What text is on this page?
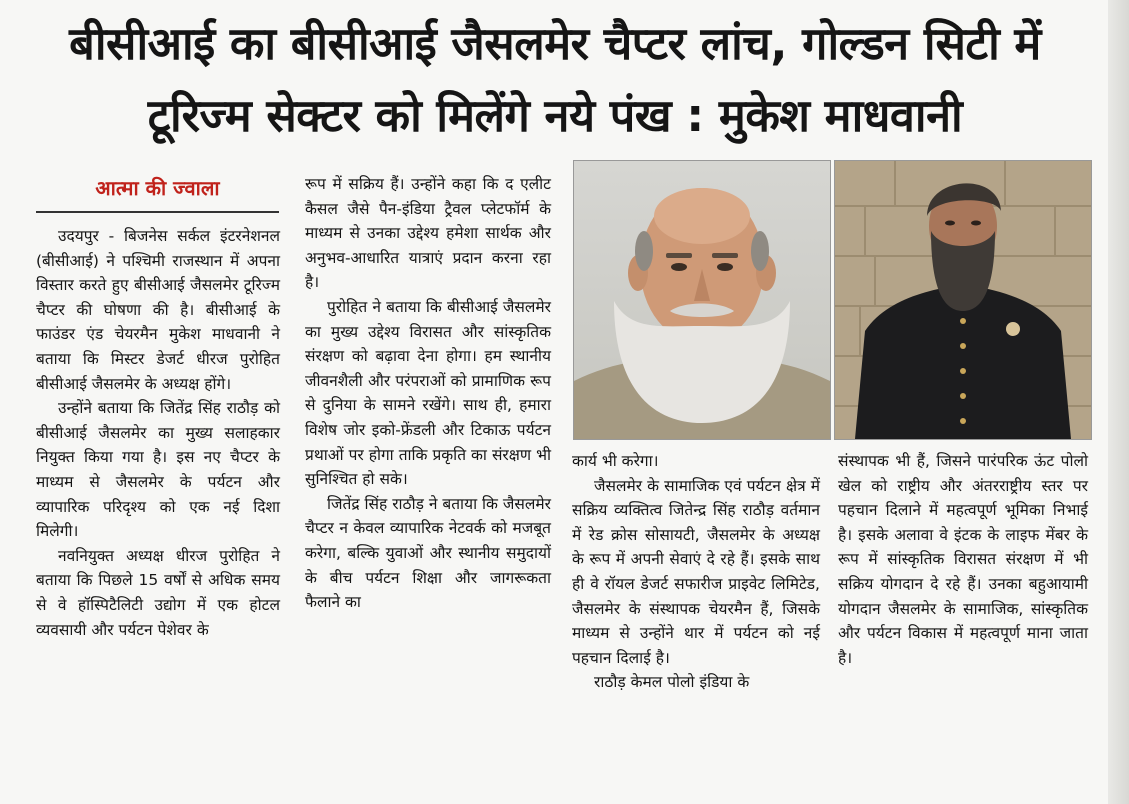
बीसीआई का बीसीआई जैसलमेर चैप्टर लांच, गोल्डन सिटी में
टूरिज्म सेक्टर को मिलेंगे नये पंख : मुकेश माधवानी
आत्मा की ज्वाला

उदयपुर - बिजनेस सर्कल इंटरनेशनल (बीसीआई) ने पश्चिमी राजस्थान में अपना विस्तार करते हुए बीसीआई जैसलमेर टूरिज्म चैप्टर की घोषणा की है। बीसीआई के फाउंडर एंड चेयरमैन मुकेश माधवानी ने बताया कि मिस्टर डेजर्ट धीरज पुरोहित बीसीआई जैसलमेर के अध्यक्ष होंगे।

उन्होंने बताया कि जितेंद्र सिंह राठौड़ को बीसीआई जैसलमेर का मुख्य सलाहकार नियुक्त किया गया है। इस नए चैप्टर के माध्यम से जैसलमेर के पर्यटन और व्यापारिक परिदृश्य को एक नई दिशा मिलेगी।

नवनियुक्त अध्यक्ष धीरज पुरोहित ने बताया कि पिछले 15 वर्षों से अधिक समय से वे हॉस्पिटैलिटी उद्योग में एक होटल व्यवसायी और पर्यटन पेशेवर के

रूप में सक्रिय हैं। उन्होंने कहा कि द एलीट कैसल जैसे पैन-इंडिया ट्रैवल प्लेटफॉर्म के माध्यम से उनका उद्देश्य हमेशा सार्थक और अनुभव-आधारित यात्राएं प्रदान करना रहा है।

पुरोहित ने बताया कि बीसीआई जैसलमेर का मुख्य उद्देश्य विरासत और सांस्कृतिक संरक्षण को बढ़ावा देना होगा। हम स्थानीय जीवनशैली और परंपराओं को प्रामाणिक रूप से दुनिया के सामने रखेंगे। साथ ही, हमारा विशेष जोर इको-फ्रेंडली और टिकाऊ पर्यटन प्रथाओं पर होगा ताकि प्रकृति का संरक्षण भी सुनिश्चित हो सके।

जितेंद्र सिंह राठौड़ ने बताया कि जैसलमेर चैप्टर न केवल व्यापारिक नेटवर्क को मजबूत करेगा, बल्कि युवाओं और स्थानीय समुदायों के बीच पर्यटन शिक्षा और जागरूकता फैलाने का

कार्य भी करेगा।

जैसलमेर के सामाजिक एवं पर्यटन क्षेत्र में सक्रिय व्यक्तित्व जितेन्द्र सिंह राठौड़ वर्तमान में रेड क्रोस सोसायटी, जैसलमेर के अध्यक्ष के रूप में अपनी सेवाएं दे रहे हैं। इसके साथ ही वे रॉयल डेजर्ट सफारीज प्राइवेट लिमिटेड, जैसलमेर के संस्थापक चेयरमैन हैं, जिसके माध्यम से उन्होंने थार में पर्यटन को नई पहचान दिलाई है।

राठौड़ केमल पोलो इंडिया के

संस्थापक भी हैं, जिसने पारंपरिक ऊंट पोलो खेल को राष्ट्रीय और अंतरराष्ट्रीय स्तर पर पहचान दिलाने में महत्वपूर्ण भूमिका निभाई है। इसके अलावा वे इंटक के लाइफ मेंबर के रूप में सांस्कृतिक विरासत संरक्षण में भी सक्रिय योगदान दे रहे हैं। उनका बहुआयामी योगदान जैसलमेर के सामाजिक, सांस्कृतिक और पर्यटन विकास में महत्वपूर्ण माना जाता है।
